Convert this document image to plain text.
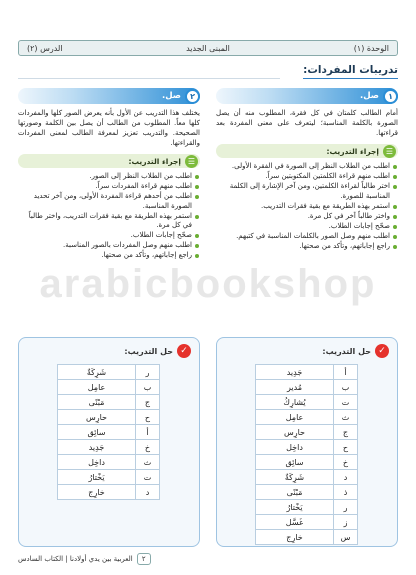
الوحدة (١)
المبنى الجديد
الدرس (٢)
تدريبات المفردات:
١
صل.

أمام الطالب كلمتان في كل فقرة، المطلوب منه أن يصل الصورة بالكلمة المناسبة؛ ليتعرف على معنى المفردة بعد قراءتها.

☰
إجراء التدريب:
اطلب من الطلاب النظر إلى الصورة في الفقرة الأولى.
اطلب منهم قراءة الكلمتين المكتوبتين سراً.
اختر طالباً لقراءة الكلمتين، ومن آخر الإشارة إلى الكلمة المناسبة للصورة.
استمر بهذه الطريقة مع بقية فقرات التدريب.
واختر طالباً آخر في كل مرة.
صحّح إجابات الطلاب.
اطلب منهم وصل الصور بالكلمات المناسبة في كتبهم.
راجع إجاباتهم، وتأكد من صحتها.
٢
صل.

يختلف هذا التدريب عن الأول بأنه يعرض الصور كلها والمفردات كلها معاً. المطلوب من الطالب أن يصل بين الكلمة وصورتها الصحيحة. والتدريب تعزيز لمعرفة الطالب لمعنى المفردات والقراءتها.

☰
إجراء التدريب:
اطلب من الطلاب النظر إلى الصور.
اطلب منهم قراءة المفردات سراً.
اطلب من أحدهم قراءة المفردة الأولى، ومن آخر تحديد الصورة المناسبة.
استمر بهذه الطريقة مع بقية فقرات التدريب، واختر طالباً في كل مرة.
صحّح إجابات الطلاب.
اطلب منهم وصل المفردات بالصور المناسبة.
راجع إجاباتهم، وتأكد من صحتها.
arabicbookshop
✓
حل التدريب:
أ	جَدِيد
ب	مُدير
ت	يُشارِكُ
ث	عامِل
ج	حارِس
ح	داخِل
خ	سائِق
د	شَرِكَةٌ
ذ	مَبْنًى
ر	يَخْتارُ
ز	غَسَّل
س	خارِج
✓
حل التدريب:
ر	شَرِكَةٌ
ب	عامِل
ج	مَبْنًى
ح	حارِس
أ	سائِق
خ	جَدِيد
ث	داخِل
ت	يَخْتارُ
د	خارِج
٢
العربية بين يدي أولادنا | الكتاب السادس
